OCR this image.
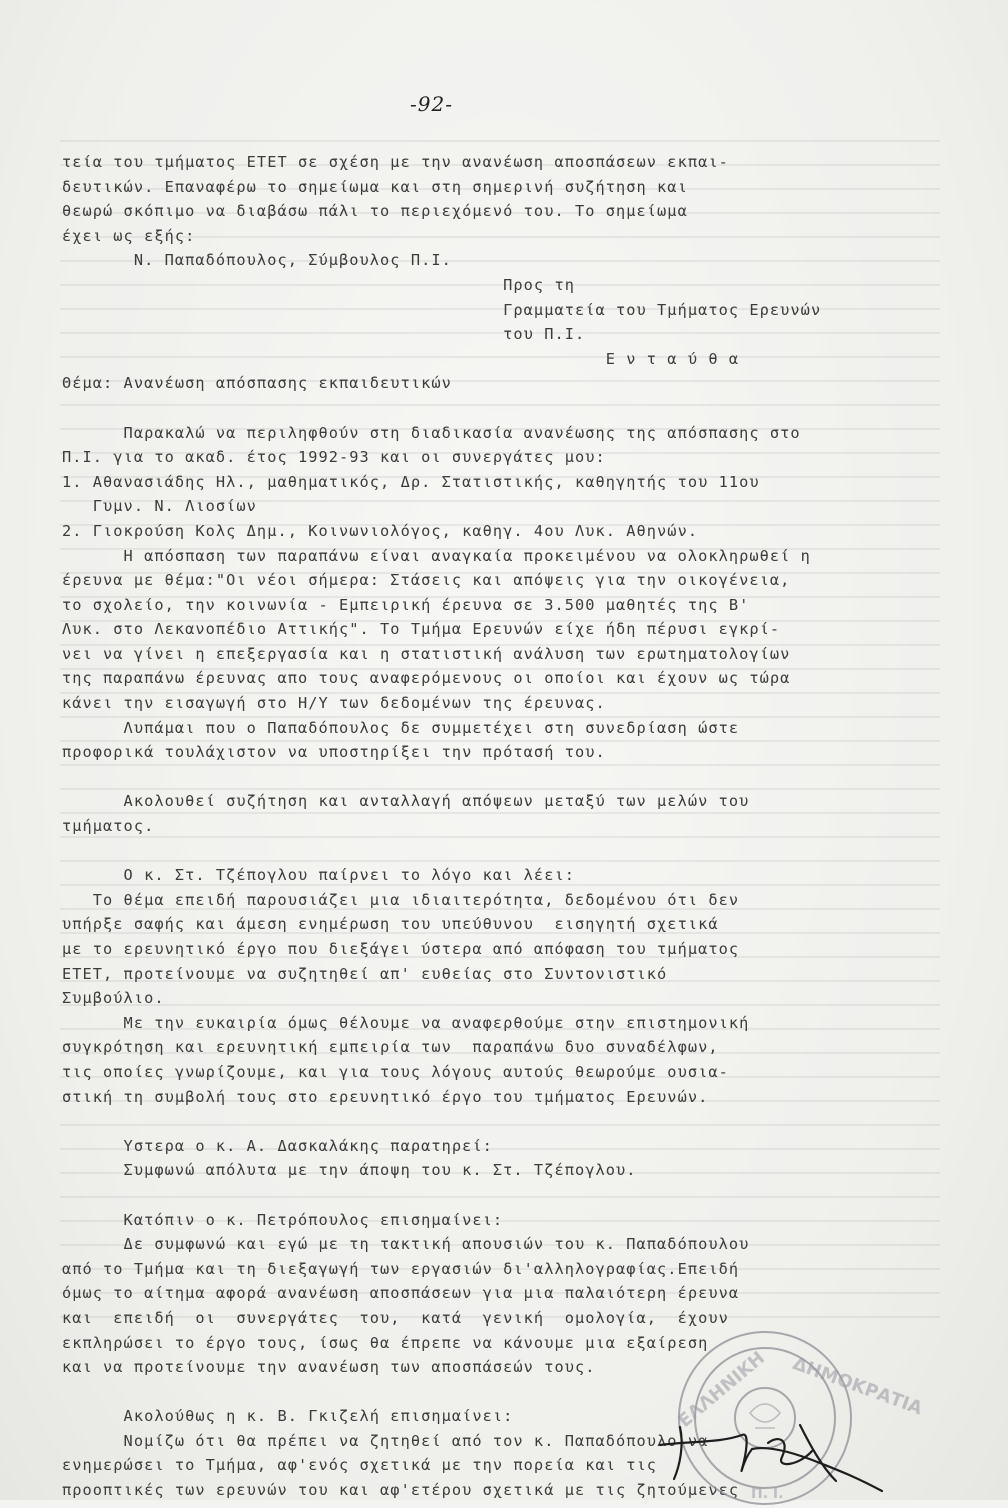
-92-
τεία του τμήματος ΕΤΕΤ σε σχέση με την ανανέωση αποσπάσεων εκπαι-
δευτικών. Επαναφέρω το σημείωμα και στη σημερινή συζήτηση και
θεωρώ σκόπιμο να διαβάσω πάλι το περιεχόμενό του. Το σημείωμα
έχει ως εξής:
Ν. Παπαδόπουλος, Σύμβουλος Π.Ι.
Προς τη
Γραμματεία του Τμήματος Ερευνών
του Π.Ι.
Ε ν τ α ύ θ α
Θέμα: Ανανέωση απόσπασης εκπαιδευτικών
Παρακαλώ να περιληφθούν στη διαδικασία ανανέωσης της απόσπασης στο
Π.Ι. για το ακαδ. έτος 1992-93 και οι συνεργάτες μου:
1. Αθανασιάδης Ηλ., μαθηματικός, Δρ. Στατιστικής, καθηγητής του 11ου
Γυμν. Ν. Λιοσίων
2. Γιοκρούση Κολς Δημ., Κοινωνιολόγος, καθηγ. 4ου Λυκ. Αθηνών.
Η απόσπαση των παραπάνω είναι αναγκαία προκειμένου να ολοκληρωθεί η
έρευνα με θέμα:"Οι νέοι σήμερα: Στάσεις και απόψεις για την οικογένεια,
το σχολείο, την κοινωνία - Εμπειρική έρευνα σε 3.500 μαθητές της Β'
Λυκ. στο Λεκανοπέδιο Αττικής". Το Τμήμα Ερευνών είχε ήδη πέρυσι εγκρί-
νει να γίνει η επεξεργασία και η στατιστική ανάλυση των ερωτηματολογίων
της παραπάνω έρευνας απο τους αναφερόμενους οι οποίοι και έχουν ως τώρα
κάνει την εισαγωγή στο Η/Υ των δεδομένων της έρευνας.
Λυπάμαι που ο Παπαδόπουλος δε συμμετέχει στη συνεδρίαση ώστε
προφορικά τουλάχιστον να υποστηρίξει την πρότασή του.
Ακολουθεί συζήτηση και ανταλλαγή απόψεων μεταξύ των μελών του
τμήματος.
Ο κ. Στ. Τζέπογλου παίρνει το λόγο και λέει:
Το θέμα επειδή παρουσιάζει μια ιδιαιτερότητα, δεδομένου ότι δεν
υπήρξε σαφής και άμεση ενημέρωση του υπεύθυνου  εισηγητή σχετικά
με το ερευνητικό έργο που διεξάγει ύστερα από απόφαση του τμήματος
ΕΤΕΤ, προτείνουμε να συζητηθεί απ' ευθείας στο Συντονιστικό
Συμβούλιο.
Με την ευκαιρία όμως θέλουμε να αναφερθούμε στην επιστημονική
συγκρότηση και ερευνητική εμπειρία των  παραπάνω δυο συναδέλφων,
τις οποίες γνωρίζουμε, και για τους λόγους αυτούς θεωρούμε ουσια-
στική τη συμβολή τους στο ερευνητικό έργο του τμήματος Ερευνών.
Υστερα ο κ. Α. Δασκαλάκης παρατηρεί:
Συμφωνώ απόλυτα με την άποψη του κ. Στ. Τζέπογλου.
Κατόπιν ο κ. Πετρόπουλος επισημαίνει:
Δε συμφωνώ και εγώ με τη τακτική απουσιών του κ. Παπαδόπουλου
από το Τμήμα και τη διεξαγωγή των εργασιών δι'αλληλογραφίας.Επειδή
όμως το αίτημα αφορά ανανέωση αποσπάσεων για μια παλαιότερη έρευνα
και  επειδή  οι  συνεργάτες  του,  κατά  γενική  ομολογία,  έχουν
εκπληρώσει το έργο τους, ίσως θα έπρεπε να κάνουμε μια εξαίρεση
και να προτείνουμε την ανανέωση των αποσπάσεών τους.
Ακολούθως η κ. Β. Γκιζελή επισημαίνει:
Νομίζω ότι θα πρέπει να ζητηθεί από τον κ. Παπαδόπουλο να
ενημερώσει το Τμήμα, αφ'ενός σχετικά με την πορεία και τις
προοπτικές των ερευνών του και αφ'ετέρου σχετικά με τις ζητούμενες
ΕΛΛΗΝΙΚΗ ΔΗΜΟΚΡΑΤΙΑ
Π. Ι.
